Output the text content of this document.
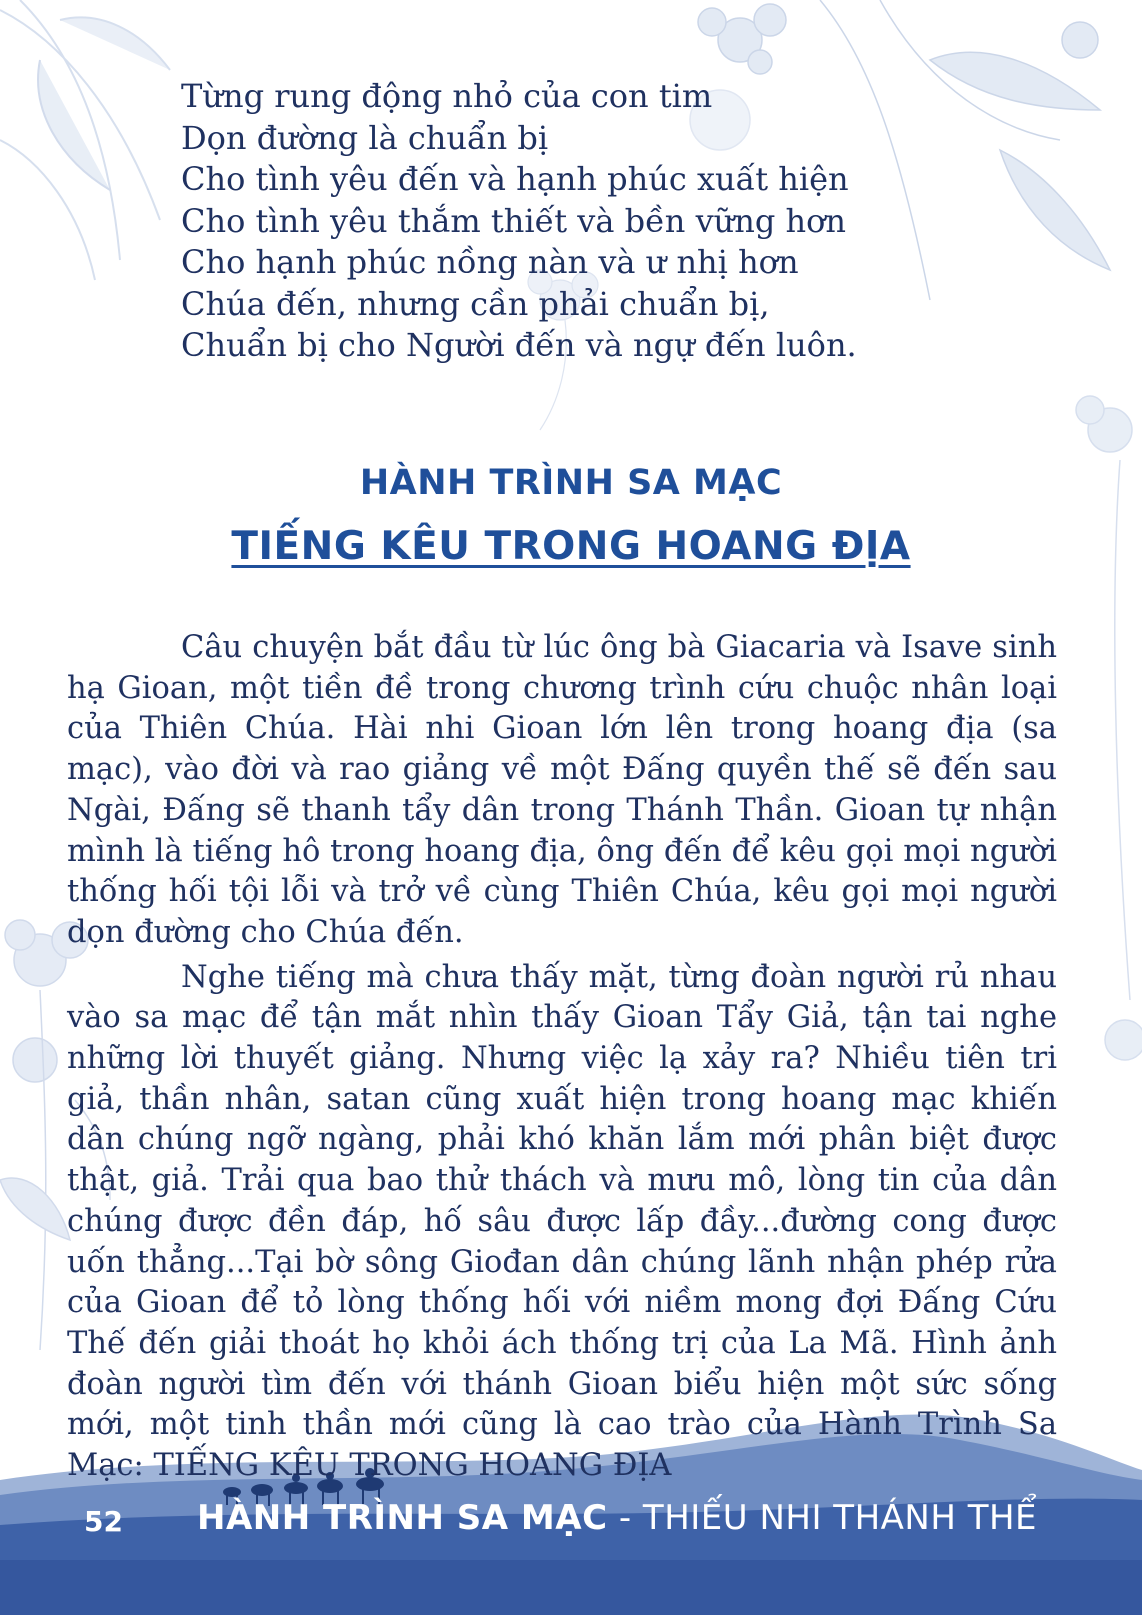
Từng rung động nhỏ của con tim
Dọn đường là chuẩn bị
Cho tình yêu đến và hạnh phúc xuất hiện
Cho tình yêu thắm thiết và bền vững hơn
Cho hạnh phúc nồng nàn và ư nhị hơn
Chúa đến, nhưng cần phải chuẩn bị,
Chuẩn bị cho Người đến và ngự đến luôn.
HÀNH TRÌNH SA MẠC
TIẾNG KÊU TRONG HOANG ĐỊA

Câu chuyện bắt đầu từ lúc ông bà Giacaria và Isave sinh hạ Gioan, một tiền đề trong chương trình cứu chuộc nhân loại của Thiên Chúa. Hài nhi Gioan lớn lên trong hoang địa (sa mạc), vào đời và rao giảng về một Đấng quyền thế sẽ đến sau Ngài, Đấng sẽ thanh tẩy dân trong Thánh Thần. Gioan tự nhận mình là tiếng hô trong hoang địa, ông đến để kêu gọi mọi người thống hối tội lỗi và trở về cùng Thiên Chúa, kêu gọi mọi người dọn đường cho Chúa đến.

Nghe tiếng mà chưa thấy mặt, từng đoàn người rủ nhau vào sa mạc để tận mắt nhìn thấy Gioan Tẩy Giả, tận tai nghe những lời thuyết giảng. Nhưng việc lạ xảy ra? Nhiều tiên tri giả, thần nhân, satan cũng xuất hiện trong hoang mạc khiến dân chúng ngỡ ngàng, phải khó khăn lắm mới phân biệt được thật, giả. Trải qua bao thử thách và mưu mô, lòng tin của dân chúng được đền đáp, hố sâu được lấp đầy...đường cong được uốn thẳng...Tại bờ sông Giođan dân chúng lãnh nhận phép rửa của Gioan để tỏ lòng thống hối với niềm mong đợi Đấng Cứu Thế đến giải thoát họ khỏi ách thống trị của La Mã. Hình ảnh đoàn người tìm đến với thánh Gioan biểu hiện một sức sống mới, một tinh thần mới cũng là cao trào của Hành Trình Sa Mạc: TIẾNG KÊU TRONG HOANG ĐỊA

52 HÀNH TRÌNH SA MẠC - THIẾU NHI THÁNH THỂ
